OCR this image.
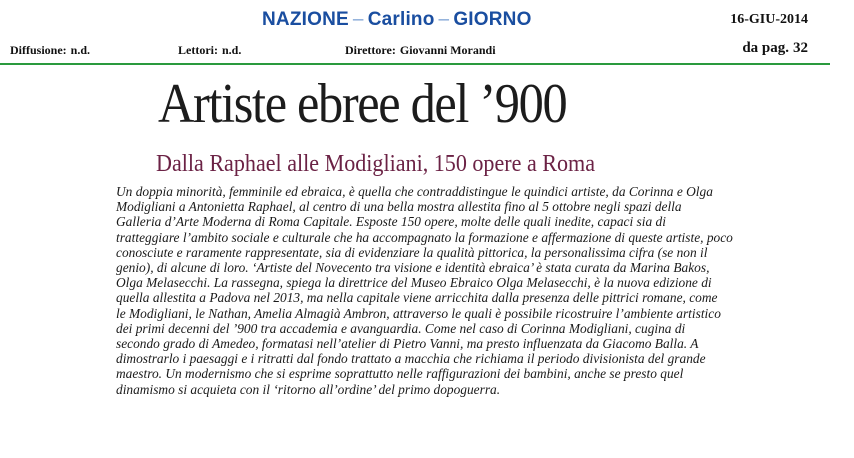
NAZIONE – Carlino – GIORNO	16-GIU-2014
Diffusione: n.d.	Lettori: n.d.	Direttore: Giovanni Morandi	da pag. 32
Artiste ebree del ’900
Dalla Raphael alle Modigliani, 150 opere a Roma
Un doppia minorità, femminile ed ebraica, è quella che contraddistingue le quindici artiste, da Corinna e Olga
Modigliani a Antonietta Raphael, al centro di una bella mostra allestita fino al 5 ottobre negli spazi della
Galleria d’Arte Moderna di Roma Capitale. Esposte 150 opere, molte delle quali inedite, capaci sia di
tratteggiare l’ambito sociale e culturale che ha accompagnato la formazione e affermazione di queste artiste, poco
conosciute e raramente rappresentate, sia di evidenziare la qualità pittorica, la personalissima cifra (se non il
genio), di alcune di loro. ‘Artiste del Novecento tra visione e identità ebraica’ è stata curata da Marina Bakos,
Olga Melasecchi. La rassegna, spiega la direttrice del Museo Ebraico Olga Melasecchi, è la nuova edizione di
quella allestita a Padova nel 2013, ma nella capitale viene arricchita dalla presenza delle pittrici romane, come
le Modigliani, le Nathan, Amelia Almagià Ambron, attraverso le quali è possibile ricostruire l’ambiente artistico
dei primi decenni del ’900 tra accademia e avanguardia. Come nel caso di Corinna Modigliani, cugina di
secondo grado di Amedeo, formatasi nell’atelier di Pietro Vanni, ma presto influenzata da Giacomo Balla. A
dimostrarlo i paesaggi e i ritratti dal fondo trattato a macchia che richiama il periodo divisionista del grande
maestro. Un modernismo che si esprime soprattutto nelle raffigurazioni dei bambini, anche se presto quel
dinamismo si acquieta con il ‘ritorno all’ordine’ del primo dopoguerra.
